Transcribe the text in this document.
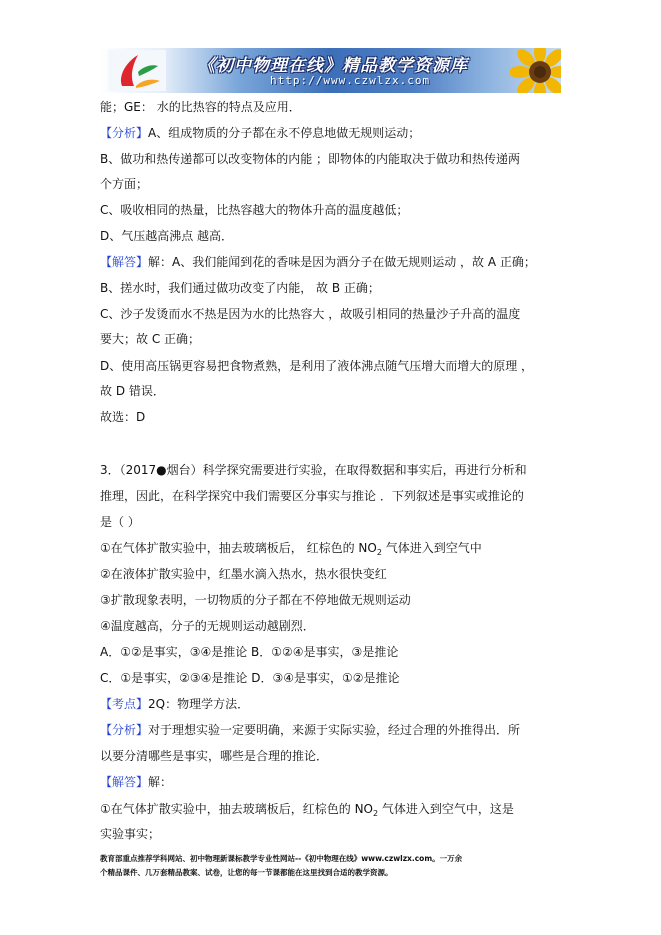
《初中物理在线》精品教学资源库
http://www.czwlzx.com
能；GE： 水的比热容的特点及应用．
【分析】A、组成物质的分子都在永不停息地做无规则运动；
B、做功和热传递都可以改变物体的内能 ；即物体的内能取决于做功和热传递两
个方面；
C、吸收相同的热量，比热容越大的物体升高的温度越低；
D、气压越高沸点 越高．
【解答】解：A、我们能闻到花的香味是因为酒分子在做无规则运动 ，故 A 正确；
B、搓水时，我们通过做功改变了内能， 故 B 正确；
C、沙子发烫而水不热是因为水的比热容大 ，故吸引相同的热量沙子升高的温度
要大；故 C 正确；
D、使用高压锅更容易把食物煮熟，是利用了液体沸点随气压增大而增大的原理 ，
故 D 错误．
故选：D
3．（2017●烟台）科学探究需要进行实验，在取得数据和事实后，再进行分析和
推理，因此，在科学探究中我们需要区分事实与推论 ．下列叙述是事实或推论的
是（ ）
①在气体扩散实验中，抽去玻璃板后， 红棕色的 $NO_2$ 气体进入到空气中
②在液体扩散实验中，红墨水滴入热水，热水很快变红
③扩散现象表明，一切物质的分子都在不停地做无规则运动
④温度越高，分子的无规则运动越剧烈．
A．①②是事实，③④是推论 B．①②④是事实，③是推论
C．①是事实，②③④是推论 D．③④是事实，①②是推论
【考点】2Q：物理学方法．
【分析】对于理想实验一定要明确，来源于实际实验，经过合理的外推得出．所
以要分清哪些是事实，哪些是合理的推论．
【解答】解：
①在气体扩散实验中，抽去玻璃板后，红棕色的 $NO_2$ 气体进入到空气中，这是
实验事实；
教育部重点推荐学科网站、初中物理新课标教学专业性网站--《初中物理在线》www.czwlzx.com。一万余
个精品课件、几万套精品教案、试卷，让您的每一节课都能在这里找到合适的教学资源。
